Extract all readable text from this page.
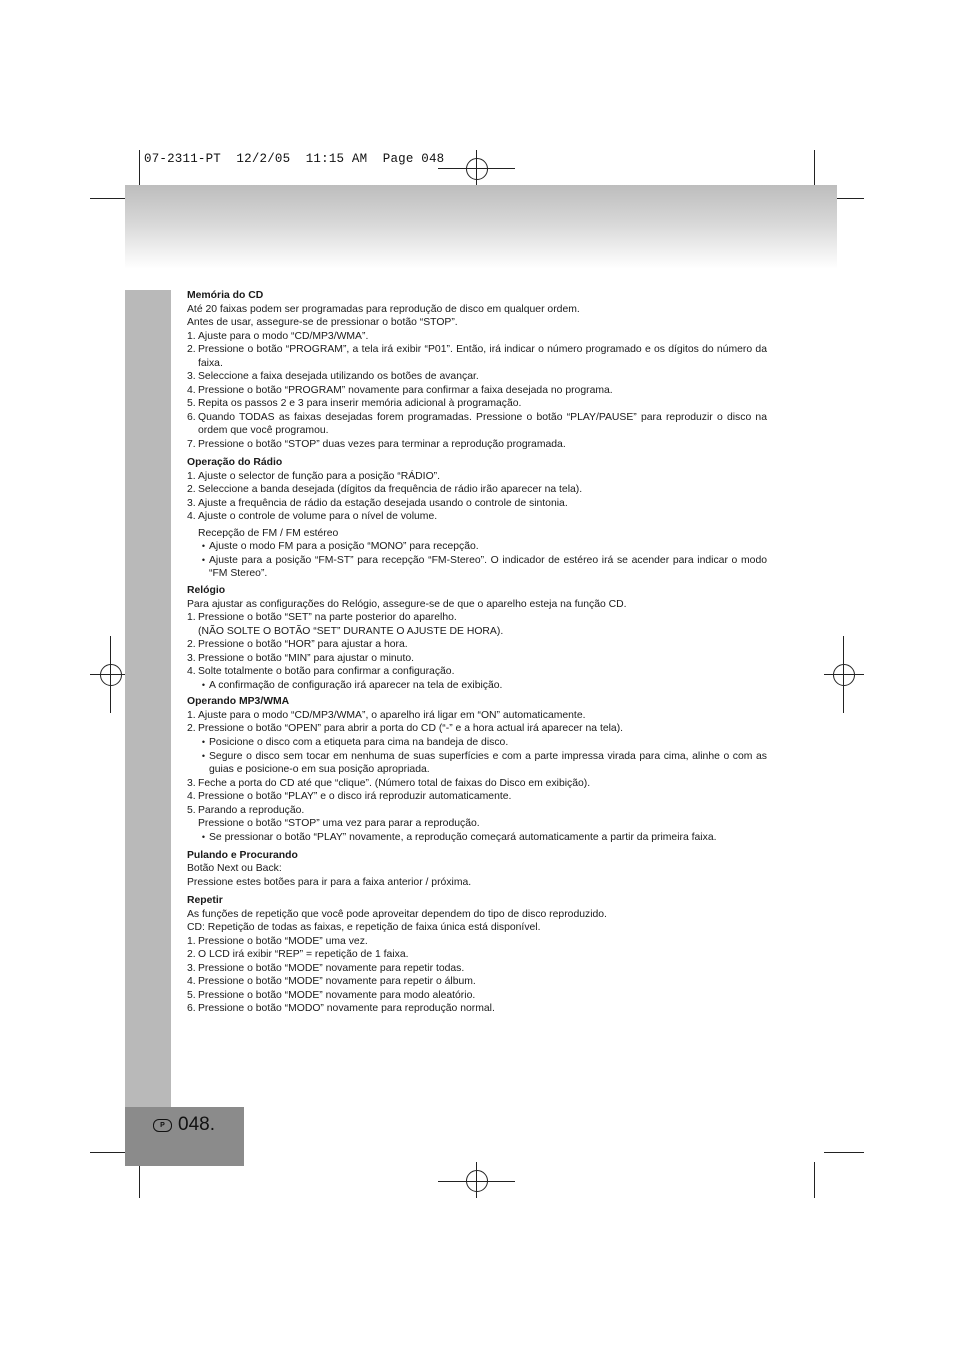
07-2311-PT  12/2/05  11:15 AM  Page 048
P 048.
Memória do CD

Até 20 faixas podem ser programadas para reprodução de disco em qualquer ordem.

Antes de usar, assegure-se de pressionar o botão “STOP”.

1. Ajuste para o modo “CD/MP3/WMA”.
2. Pressione o botão “PROGRAM”, a tela irá exibir “P01”. Então, irá indicar o número programado e os dígitos do número da faixa.
3. Seleccione a faixa desejada utilizando os botões de avançar.
4. Pressione o botão “PROGRAM” novamente para confirmar a faixa desejada no programa.
5. Repita os passos 2 e 3 para inserir memória adicional à programação.
6. Quando TODAS as faixas desejadas forem programadas. Pressione o botão “PLAY/PAUSE” para reproduzir o disco na ordem que você programou.
7. Pressione o botão “STOP” duas vezes para terminar a reprodução programada.
Operação do Rádio
1. Ajuste o selector de função para a posição “RÁDIO”.
2. Seleccione a banda desejada (dígitos da frequência de rádio irão aparecer na tela).
3. Ajuste a frequência de rádio da estação desejada usando o controle de sintonia.
4. Ajuste o controle de volume para o nível de volume.

Recepção de FM / FM estéreo

• Ajuste o modo FM para a posição “MONO” para recepção.
• Ajuste para a posição “FM-ST” para recepção “FM-Stereo”. O indicador de estéreo irá se acender para indicar o modo “FM Stereo”.
Relógio

Para ajustar as configurações do Relógio, assegure-se de que o aparelho esteja na função CD.

1. Pressione o botão “SET” na parte posterior do aparelho.

(NÃO SOLTE O BOTÃO “SET” DURANTE O AJUSTE DE HORA).

2. Pressione o botão “HOR” para ajustar a hora.
3. Pressione o botão “MIN” para ajustar o minuto.
4. Solte totalmente o botão para confirmar a configuração.
• A confirmação de configuração irá aparecer na tela de exibição.
Operando MP3/WMA
1. Ajuste para o modo “CD/MP3/WMA”, o aparelho irá ligar em “ON” automaticamente.
2. Pressione o botão “OPEN” para abrir a porta do CD (“-” e a hora actual irá aparecer na tela).
• Posicione o disco com a etiqueta para cima na bandeja de disco.
• Segure o disco sem tocar em nenhuma de suas superfícies e com a parte impressa virada para cima, alinhe o com as guias e posicione-o em sua posição apropriada.
3. Feche a porta do CD até que “clique”. (Número total de faixas do Disco em exibição).
4. Pressione o botão “PLAY” e o disco irá reproduzir automaticamente.
5. Parando a reprodução.

Pressione o botão “STOP” uma vez para parar a reprodução.

• Se pressionar o botão “PLAY” novamente, a reprodução começará automaticamente a partir da primeira faixa.
Pulando e Procurando

Botão Next ou Back:

Pressione estes botões para ir para a faixa anterior / próxima.

Repetir

As funções de repetição que você pode aproveitar dependem do tipo de disco reproduzido.

CD: Repetição de todas as faixas, e repetição de faixa única está disponível.

1. Pressione o botão “MODE” uma vez.
2. O LCD irá exibir “REP” = repetição de 1 faixa.
3. Pressione o botão “MODE” novamente para repetir todas.
4. Pressione o botão “MODE” novamente para repetir o álbum.
5. Pressione o botão “MODE” novamente para modo aleatório.
6. Pressione o botão “MODO” novamente para reprodução normal.
